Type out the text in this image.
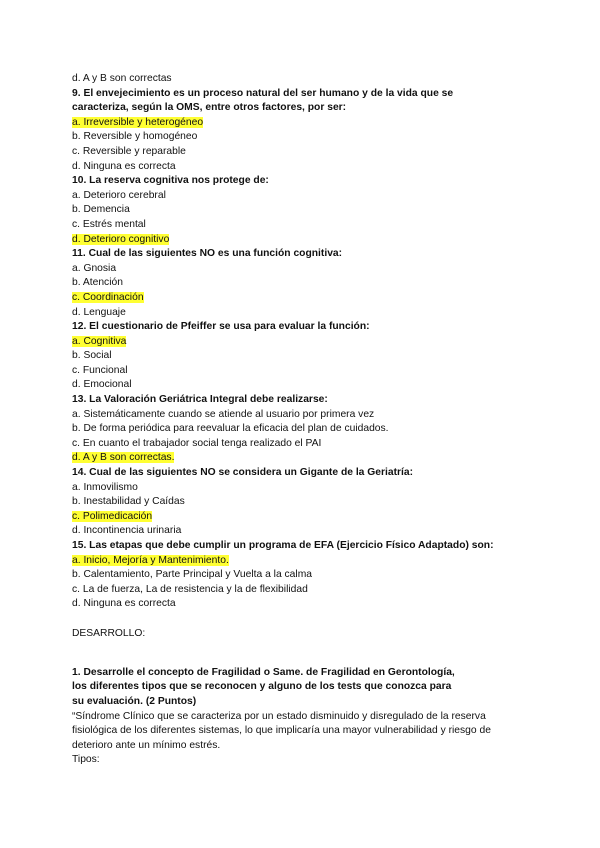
d. A y B son correctas
9. El envejecimiento es un proceso natural del ser humano y de la vida que se
caracteriza, según la OMS, entre otros factores, por ser:
a. Irreversible y heterogéneo
b. Reversible y homogéneo
c. Reversible y reparable
d. Ninguna es correcta
10. La reserva cognitiva nos protege de:
a. Deterioro cerebral
b. Demencia
c. Estrés mental
d. Deterioro cognitivo
11. Cual de las siguientes NO es una función cognitiva:
a. Gnosia
b. Atención
c. Coordinación
d. Lenguaje
12. El cuestionario de Pfeiffer se usa para evaluar la función:
a. Cognitiva
b. Social
c. Funcional
d. Emocional
13. La Valoración Geriátrica Integral debe realizarse:
a. Sistemáticamente cuando se atiende al usuario por primera vez
b. De forma periódica para reevaluar la eficacia del plan de cuidados.
c. En cuanto el trabajador social tenga realizado el PAI
d. A y B son correctas.
14. Cual de las siguientes NO se considera un Gigante de la Geriatría:
a. Inmovilismo
b. Inestabilidad y Caídas
c. Polimedicación
d. Incontinencia urinaria
15. Las etapas que debe cumplir un programa de EFA (Ejercicio Físico Adaptado) son:
a. Inicio, Mejoría y Mantenimiento.
b. Calentamiento, Parte Principal y Vuelta a la calma
c. La de fuerza, La de resistencia y la de flexibilidad
d. Ninguna es correcta
DESARROLLO:
1. Desarrolle el concepto de Fragilidad o Same. de Fragilidad en Gerontología,
los diferentes tipos que se reconocen y alguno de los tests que conozca para
su evaluación. (2 Puntos)
“Síndrome Clínico que se caracteriza por un estado disminuido y disregulado de la reserva fisiológica de los diferentes sistemas, lo que implicaría una mayor vulnerabilidad y riesgo de deterioro ante un mínimo estrés.
Tipos:
